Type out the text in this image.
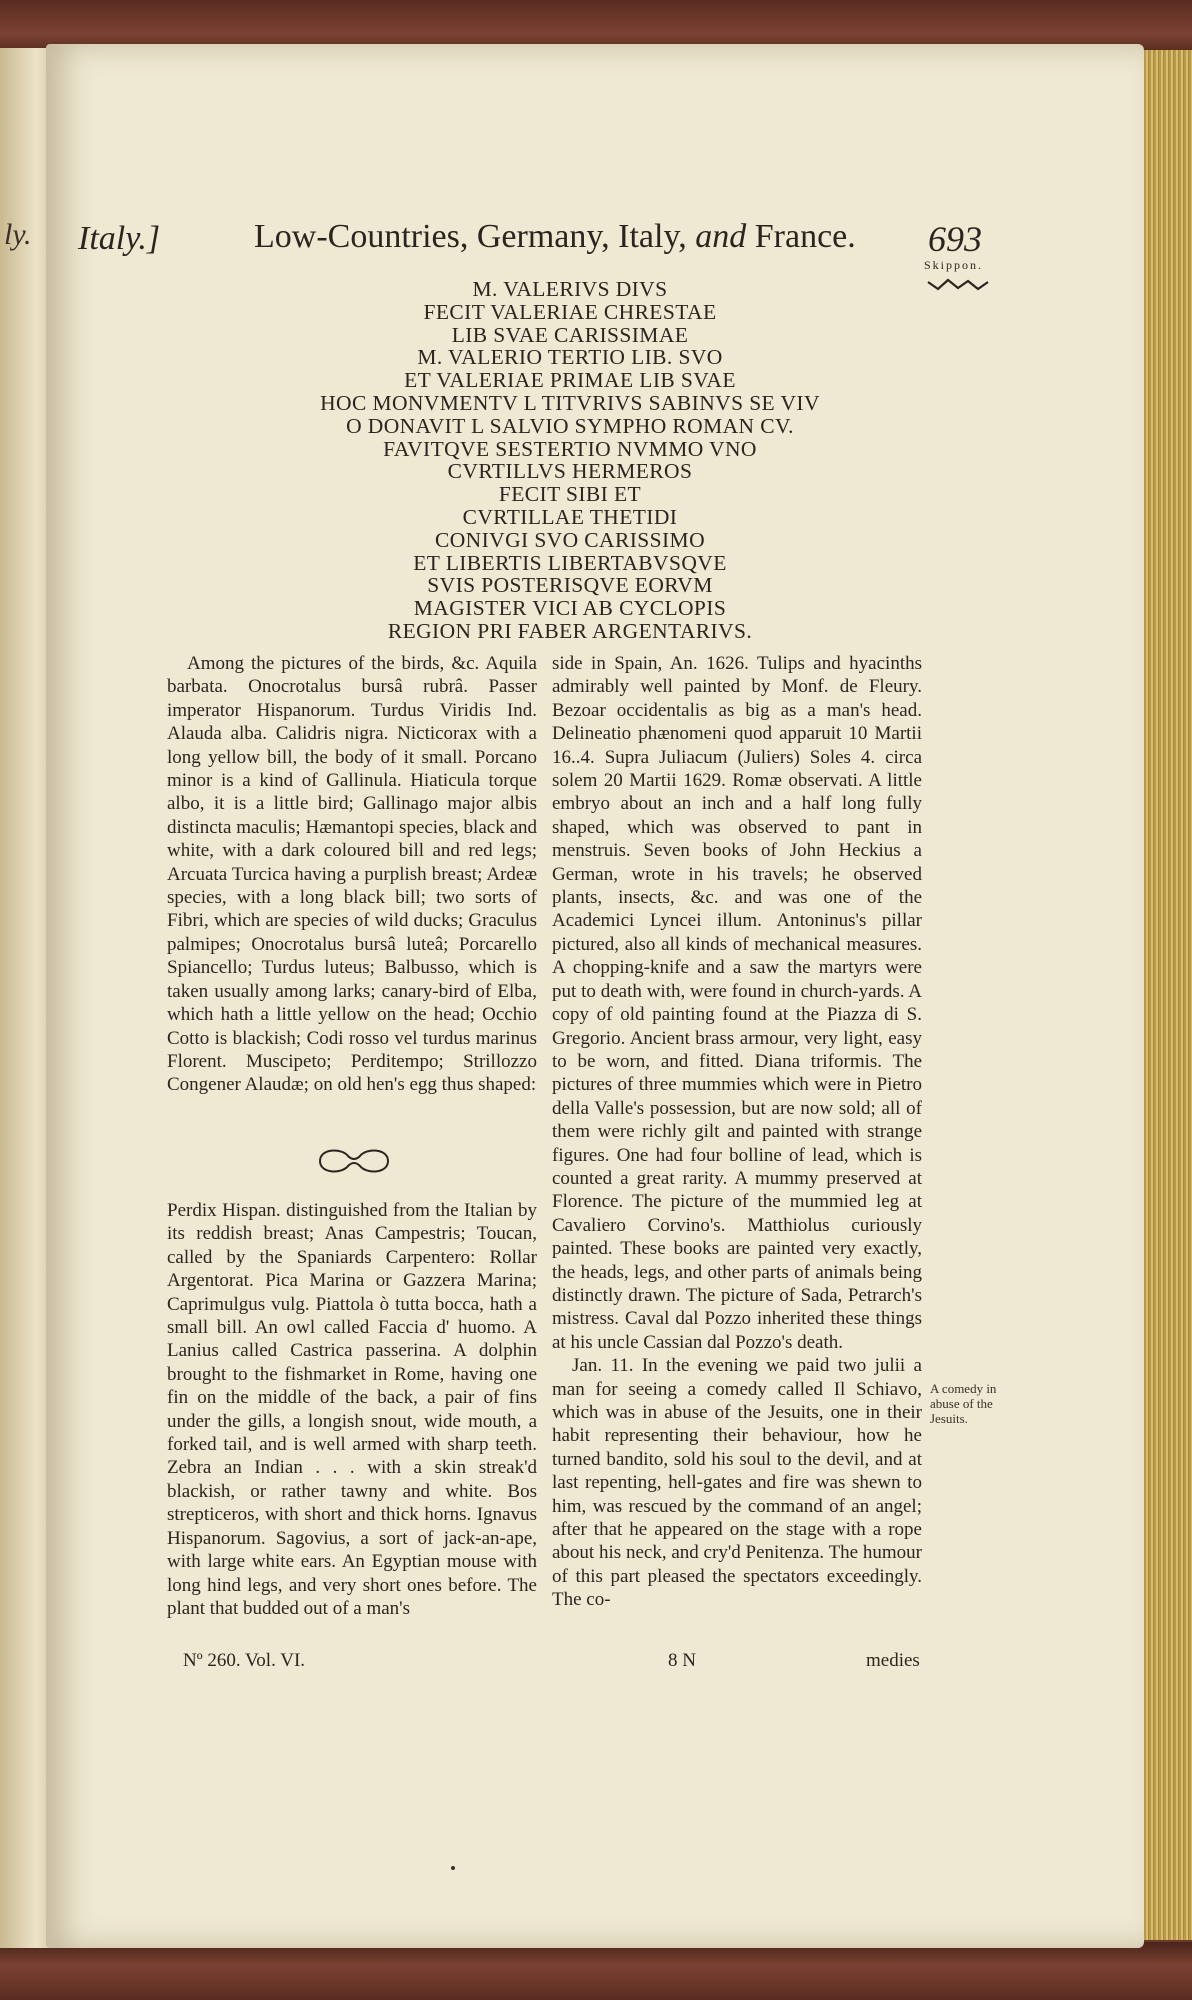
ly. Italy.]	Low-Countries, Germany, Italy, and France. 693
Skippon.
M. VALERIVS DIVS
FECIT VALERIAE CHRESTAE
LIB SVAE CARISSIMAE
M. VALERIO TERTIO LIB. SVO
ET VALERIAE PRIMAE LIB SVAE
HOC MONVMENTV L TITVRIVS SABINVS SE VIV
O DONAVIT L SALVIO SYMPHO ROMAN CV.
FAVITQVE SESTERTIO NVMMO VNO
CVRTILLVS HERMEROS
FECIT SIBI ET
CVRTILLAE THETIDI
CONIVGI SVO CARISSIMO
ET LIBERTIS LIBERTABVSQVE
SVIS POSTERISQVE EORVM
MAGISTER VICI AB CYCLOPIS
REGION PRI FABER ARGENTARIVS.

Among the pictures of the birds, &c. Aquila barbata. Onocrotalus bursâ rubrâ. Passer imperator Hispanorum. Turdus Viridis Ind. Alauda alba. Calidris nigra. Nicticorax with a long yellow bill, the body of it small. Porcano minor is a kind of Gallinula. Hiaticula torque albo, it is a little bird; Gallinago major albis distincta maculis; Hæmantopi species, black and white, with a dark coloured bill and red legs; Arcuata Turcica having a purplish breast; Ardeæ species, with a long black bill; two sorts of Fibri, which are species of wild ducks; Graculus palmipes; Onocrotalus bursâ luteâ; Porcarello Spiancello; Turdus luteus; Balbusso, which is taken usually among larks; canary-bird of Elba, which hath a little yellow on the head; Occhio Cotto is blackish; Codi rosso vel turdus marinus Florent. Muscipeto; Perditempo; Strillozzo Congener Alaudæ; on old hen's egg thus shaped:

Perdix Hispan. distinguished from the Italian by its reddish breast; Anas Campestris; Toucan, called by the Spaniards Carpentero: Rollar Argentorat. Pica Marina or Gazzera Marina; Caprimulgus vulg. Piattola ò tutta bocca, hath a small bill. An owl called Faccia d' huomo. A Lanius called Castrica passerina. A dolphin brought to the fishmarket in Rome, having one fin on the middle of the back, a pair of fins under the gills, a longish snout, wide mouth, a forked tail, and is well armed with sharp teeth. Zebra an Indian . . . with a skin streak'd blackish, or rather tawny and white. Bos strepticeros, with short and thick horns. Ignavus Hispanorum. Sagovius, a sort of jack-an-ape, with large white ears. An Egyptian mouse with long hind legs, and very short ones before. The plant that budded out of a man's

side in Spain, An. 1626. Tulips and hyacinths admirably well painted by Monf. de Fleury. Bezoar occidentalis as big as a man's head. Delineatio phænomeni quod apparuit 10 Martii 16..4. Supra Juliacum (Juliers) Soles 4. circa solem 20 Martii 1629. Romæ observati. A little embryo about an inch and a half long fully shaped, which was observed to pant in menstruis. Seven books of John Heckius a German, wrote in his travels; he observed plants, insects, &c. and was one of the Academici Lyncei illum. Antoninus's pillar pictured, also all kinds of mechanical measures. A chopping-knife and a saw the martyrs were put to death with, were found in church-yards. A copy of old painting found at the Piazza di S. Gregorio. Ancient brass armour, very light, easy to be worn, and fitted. Diana triformis. The pictures of three mummies which were in Pietro della Valle's possession, but are now sold; all of them were richly gilt and painted with strange figures. One had four bolline of lead, which is counted a great rarity. A mummy preserved at Florence. The picture of the mummied leg at Cavaliero Corvino's. Matthiolus curiously painted. These books are painted very exactly, the heads, legs, and other parts of animals being distinctly drawn. The picture of Sada, Petrarch's mistress. Caval dal Pozzo inherited these things at his uncle Cassian dal Pozzo's death.

Jan. 11. In the evening we paid two julii a man for seeing a comedy called Il Schiavo, which was in abuse of the Jesuits, one in their habit representing their behaviour, how he turned bandito, sold his soul to the devil, and at last repenting, hell-gates and fire was shewn to him, was rescued by the command of an angel; after that he appeared on the stage with a rope about his neck, and cry'd Penitenza. The humour of this part pleased the spectators exceedingly. The co-

A comedy in abuse of the Jesuits.
Nº 260. Vol. VI.	8 N	medies
